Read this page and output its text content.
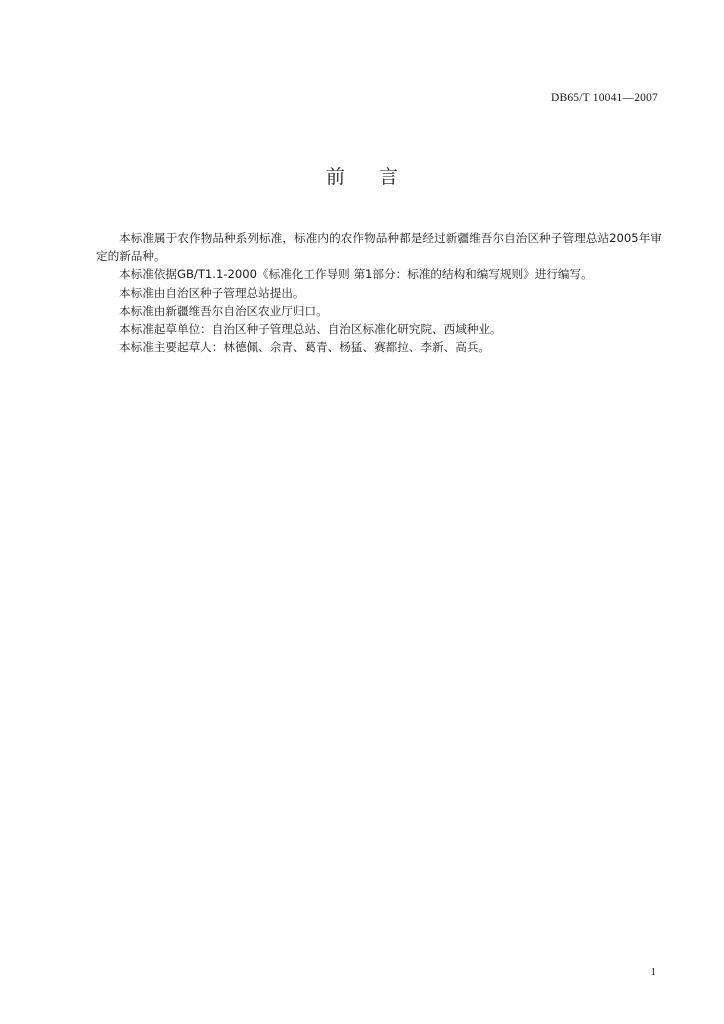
DB65/T 10041—2007
前言

本标准属于农作物品种系列标准，标准内的农作物品种都是经过新疆维吾尔自治区种子管理总站2005年审定的新品种。

本标准依据GB/T1.1-2000《标准化工作导则 第1部分：标准的结构和编写规则》进行编写。

本标准由自治区种子管理总站提出。

本标准由新疆维吾尔自治区农业厅归口。

本标准起草单位：自治区种子管理总站、自治区标准化研究院、西域种业。

本标准主要起草人：林德佩、佘青、葛青、杨猛、赛都拉、李新、高兵。

1
